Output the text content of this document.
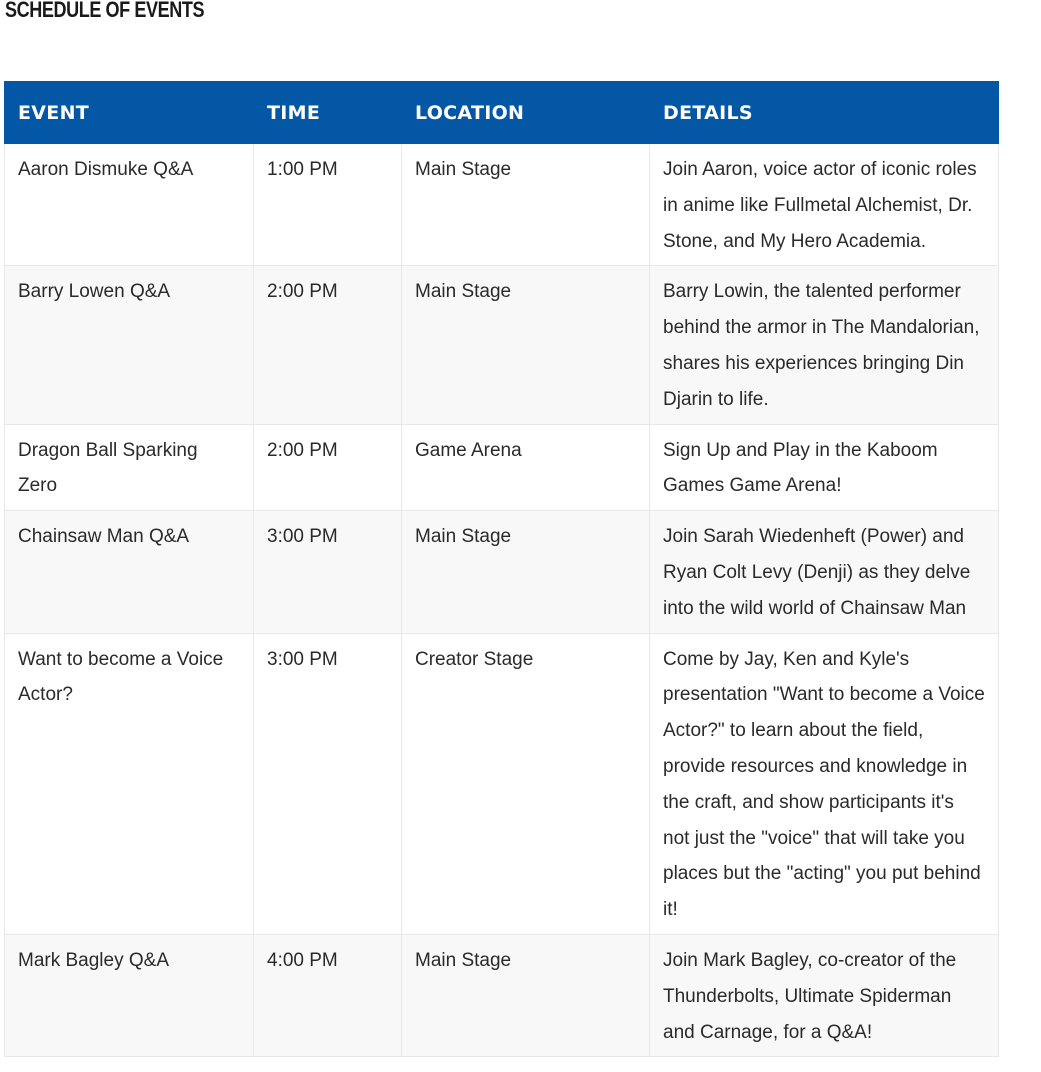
SCHEDULE OF EVENTS
EVENT	TIME	LOCATION	DETAILS
Aaron Dismuke Q&A	1:00 PM	Main Stage	Join Aaron, voice actor of iconic roles in anime like Fullmetal Alchemist, Dr. Stone, and My Hero Academia.
Barry Lowen Q&A	2:00 PM	Main Stage	Barry Lowin, the talented performer behind the armor in The Mandalorian, shares his experiences bringing Din Djarin to life.
Dragon Ball Sparking Zero	2:00 PM	Game Arena	Sign Up and Play in the Kaboom Games Game Arena!
Chainsaw Man Q&A	3:00 PM	Main Stage	Join Sarah Wiedenheft (Power) and Ryan Colt Levy (Denji) as they delve into the wild world of Chainsaw Man
Want to become a Voice Actor?	3:00 PM	Creator Stage	Come by Jay, Ken and Kyle's presentation "Want to become a Voice Actor?" to learn about the field, provide resources and knowledge in the craft, and show participants it's not just the "voice" that will take you places but the "acting" you put behind it!
Mark Bagley Q&A	4:00 PM	Main Stage	Join Mark Bagley, co-creator of the Thunderbolts, Ultimate Spiderman and Carnage, for a Q&A!
